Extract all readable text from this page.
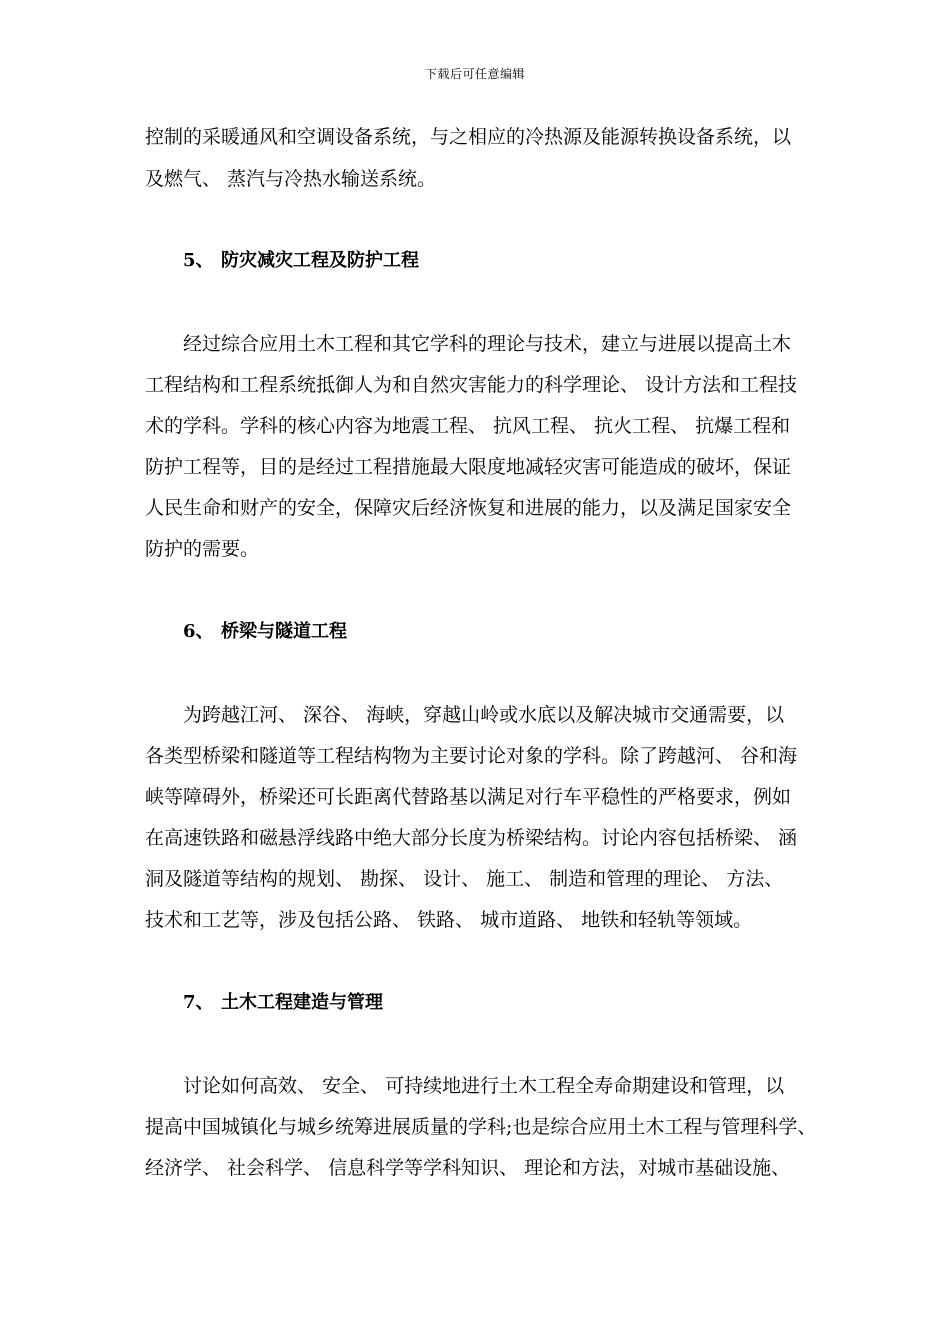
下载后可任意编辑
控制的采暖通风和空调设备系统，与之相应的冷热源及能源转换设备系统，以
及燃气、 蒸汽与冷热水输送系统。
5、 防灾减灾工程及防护工程
　　经过综合应用土木工程和其它学科的理论与技术，建立与进展以提高土木
工程结构和工程系统抵御人为和自然灾害能力的科学理论、 设计方法和工程技
术的学科。学科的核心内容为地震工程、 抗风工程、 抗火工程、 抗爆工程和
防护工程等，目的是经过工程措施最大限度地减轻灾害可能造成的破坏，保证
人民生命和财产的安全，保障灾后经济恢复和进展的能力，以及满足国家安全
防护的需要。
6、 桥梁与隧道工程
　　为跨越江河、 深谷、 海峡，穿越山岭或水底以及解决城市交通需要，以
各类型桥梁和隧道等工程结构物为主要讨论对象的学科。除了跨越河、 谷和海
峡等障碍外，桥梁还可长距离代替路基以满足对行车平稳性的严格要求，例如
在高速铁路和磁悬浮线路中绝大部分长度为桥梁结构。讨论内容包括桥梁、 涵
洞及隧道等结构的规划、 勘探、 设计、 施工、 制造和管理的理论、 方法、
技术和工艺等，涉及包括公路、 铁路、 城市道路、 地铁和轻轨等领域。
7、 土木工程建造与管理
　　讨论如何高效、 安全、 可持续地进行土木工程全寿命期建设和管理，以
提高中国城镇化与城乡统筹进展质量的学科;也是综合应用土木工程与管理科学、
经济学、 社会科学、 信息科学等学科知识、 理论和方法，对城市基础设施、
